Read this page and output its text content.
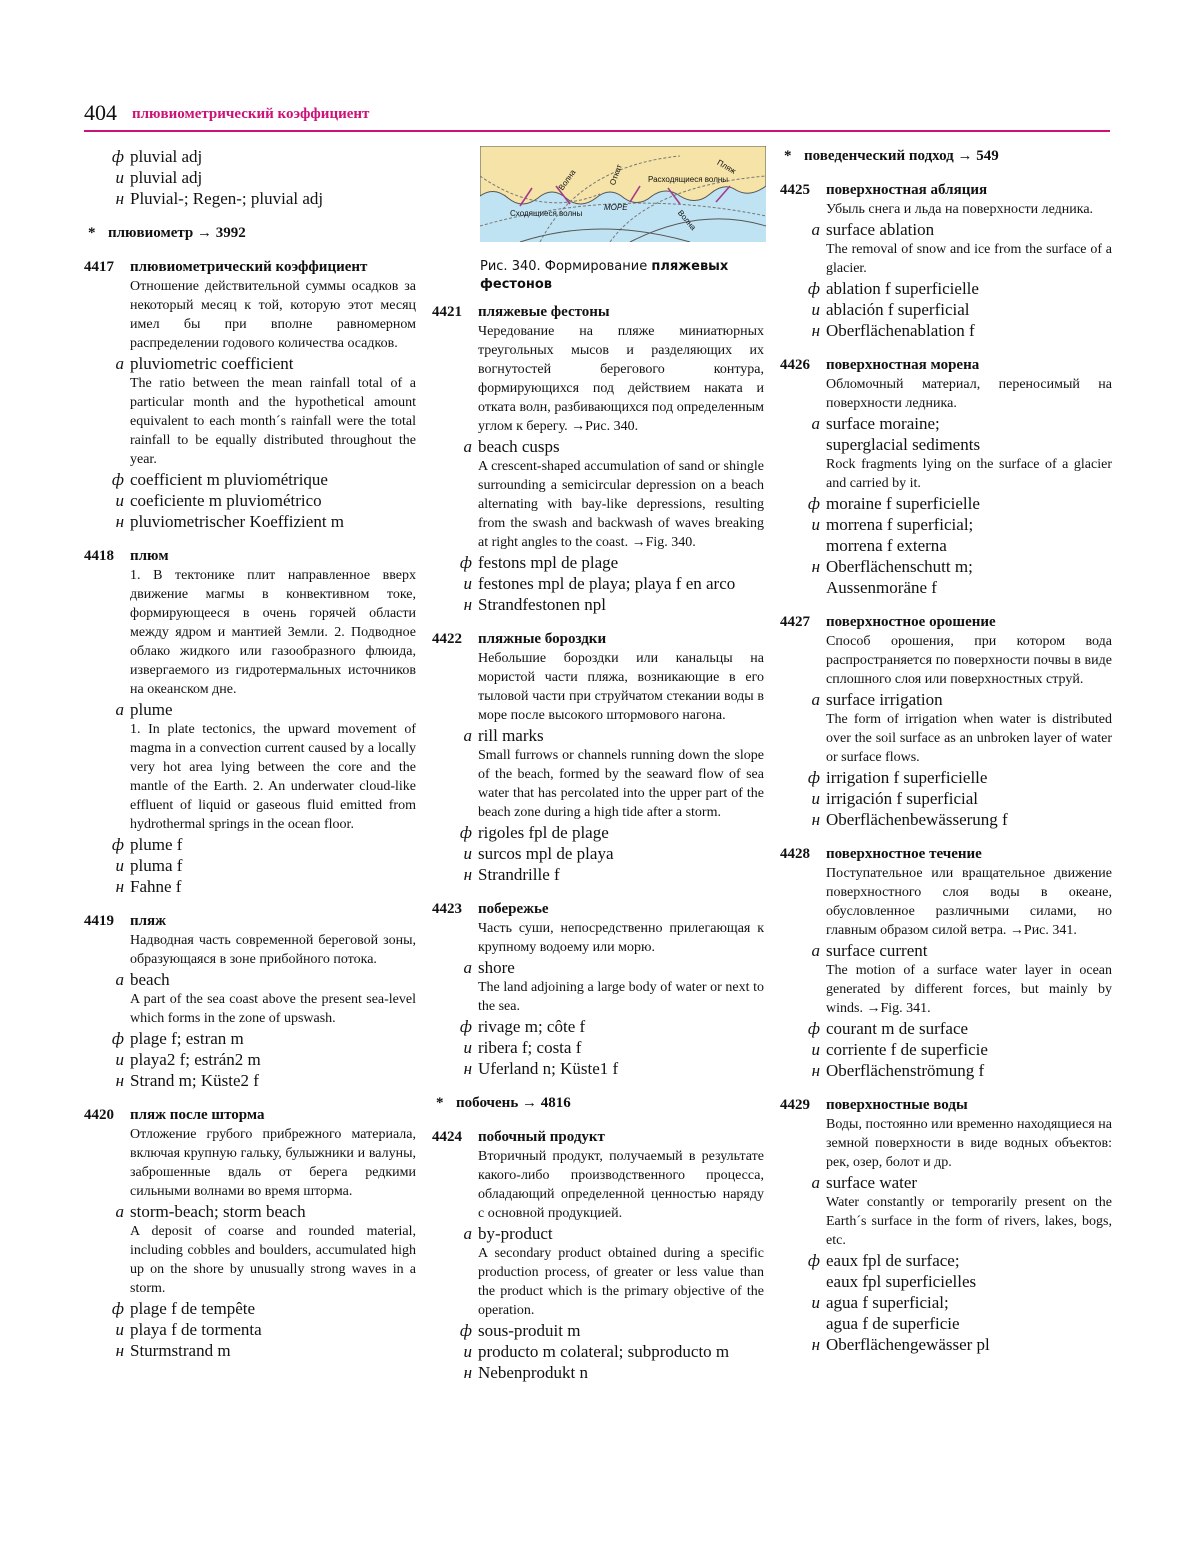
404 плювиометрический коэффициент
ф pluvial adj
и pluvial adj
н Pluvial-; Regen-; pluvial adj
* плювиометр → 3992
4417 плювиометрический коэффициент
Отношение действительной суммы осадков за некоторый месяц к той, которую этот месяц имел бы при вполне равномерном распределении годового количества осадков.
а pluviometric coefficient
The ratio between the mean rainfall total of a particular month and the hypothetical amount equivalent to each month´s rainfall were the total rainfall to be equally distributed throughout the year.
ф coefficient m pluviométrique
и coeficiente m pluviométrico
н pluviometrischer Koeffizient m
4418 плюм
1. В тектонике плит направленное вверх движение магмы в конвективном токе, формирующееся в очень горячей области между ядром и мантией Земли. 2. Подводное облако жидкого или газообразного флюида, извергаемого из гидротермальных источников на океанском дне.
а plume
1. In plate tectonics, the upward movement of magma in a convection current caused by a locally very hot area lying between the core and the mantle of the Earth. 2. An underwater cloud-like effluent of liquid or gaseous fluid emitted from hydrothermal springs in the ocean floor.
ф plume f
и pluma f
н Fahne f
4419 пляж
Надводная часть современной береговой зоны, образующаяся в зоне прибойного потока.
а beach
A part of the sea coast above the present sea-level which forms in the zone of upswash.
ф plage f; estran m
и playa2 f; estrán2 m
н Strand m; Küste2 f
4420 пляж после шторма
Отложение грубого прибрежного материала, включая крупную гальку, булыжники и валуны, заброшенные вдаль от берега редкими сильными волнами во время шторма.
а storm-beach; storm beach
A deposit of coarse and rounded material, including cobbles and boulders, accumulated high up on the shore by unusually strong waves in a storm.
ф plage f de tempête
и playa f de tormenta
н Sturmstrand m
Сходящиеся волны
Волна	Откат	Пляж
Расходящиеся волны
МОРЕ
Волна
Рис. 340. Формирование пляжевых фестонов
4421 пляжевые фестоны
Чередование на пляже миниатюрных треугольных мысов и разделяющих их вогнутостей берегового контура, формирующихся под действием наката и отката волн, разбивающихся под определенным углом к берегу. →Рис. 340.
а beach cusps
A crescent-shaped accumulation of sand or shingle surrounding a semicircular depression on a beach alternating with bay-like depressions, resulting from the swash and backwash of waves breaking at right angles to the coast. →Fig. 340.
ф festons mpl de plage
и festones mpl de playa; playa f en arco
н Strandfestonen npl
4422 пляжные бороздки
Небольшие бороздки или канальцы на мористой части пляжа, возникающие в его тыловой части при струйчатом стекании воды в море после высокого штормового нагона.
а rill marks
Small furrows or channels running down the slope of the beach, formed by the seaward flow of sea water that has percolated into the upper part of the beach zone during a high tide after a storm.
ф rigoles fpl de plage
и surcos mpl de playa
н Strandrille f
4423 побережье
Часть суши, непосредственно прилегающая к крупному водоему или морю.
а shore
The land adjoining a large body of water or next to the sea.
ф rivage m; côte f
и ribera f; costa f
н Uferland n; Küste1 f
* побочень → 4816
4424 побочный продукт
Вторичный продукт, получаемый в результате какого-либо производственного процесса, обладающий определенной ценностью наряду с основной продукцией.
а by-product
A secondary product obtained during a specific production process, of greater or less value than the product which is the primary objective of the operation.
ф sous-produit m
и producto m colateral; subproducto m
н Nebenprodukt n
* поведенческий подход → 549
4425 поверхностная абляция
Убыль снега и льда на поверхности ледника.
а surface ablation
The removal of snow and ice from the surface of a glacier.
ф ablation f superficielle
и ablación f superficial
н Oberflächenablation f
4426 поверхностная морена
Обломочный материал, переносимый на поверхности ледника.
а surface moraine;
superglacial sediments
Rock fragments lying on the surface of a glacier and carried by it.
ф moraine f superficielle
и morrena f superficial;
morrena f externa
н Oberflächenschutt m;
Aussenmoräne f
4427 поверхностное орошение
Способ орошения, при котором вода распространяется по поверхности почвы в виде сплошного слоя или поверхностных струй.
а surface irrigation
The form of irrigation when water is distributed over the soil surface as an unbroken layer of water or surface flows.
ф irrigation f superficielle
и irrigación f superficial
н Oberflächenbewässerung f
4428 поверхностное течение
Поступательное или вращательное движение поверхностного слоя воды в океане, обусловленное различными силами, но главным образом силой ветра. →Рис. 341.
а surface current
The motion of a surface water layer in ocean generated by different forces, but mainly by winds. →Fig. 341.
ф courant m de surface
и corriente f de superficie
н Oberflächenströmung f
4429 поверхностные воды
Воды, постоянно или временно находящиеся на земной поверхности в виде водных объектов: рек, озер, болот и др.
а surface water
Water constantly or temporarily present on the Earth´s surface in the form of rivers, lakes, bogs, etc.
ф eaux fpl de surface;
eaux fpl superficielles
и agua f superficial;
agua f de superficie
н Oberflächengewässer pl
